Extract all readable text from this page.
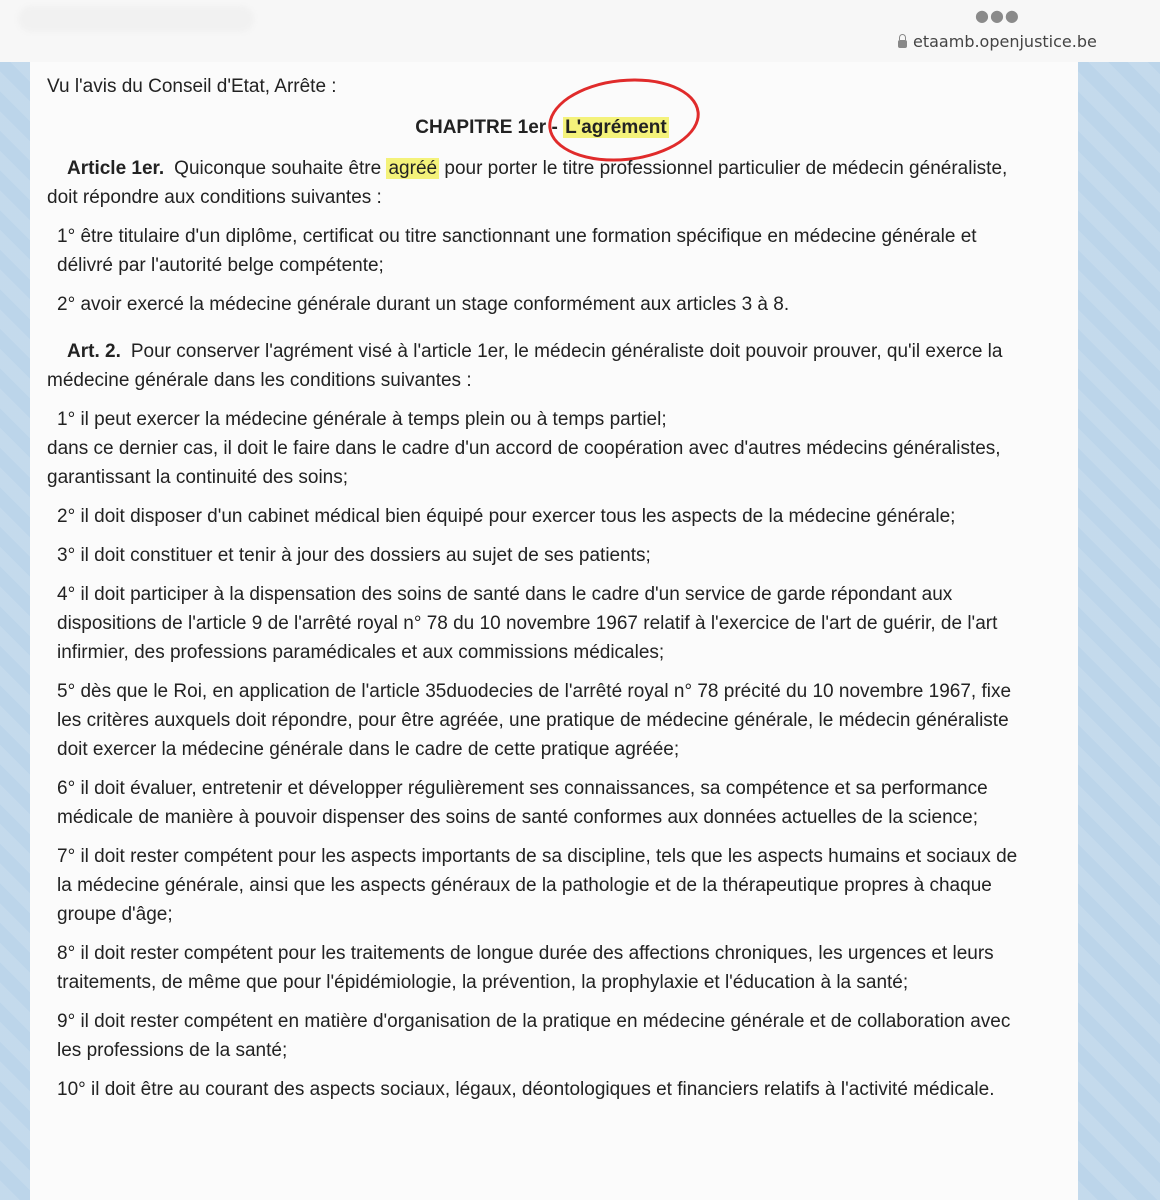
●●●
etaamb.openjustice.be

Vu l'avis du Conseil d'Etat, Arrête :

CHAPITRE 1er - L'agrément

Article 1er. Quiconque souhaite être agréé pour porter le titre professionnel particulier de médecin généraliste, doit répondre aux conditions suivantes :

1° être titulaire d'un diplôme, certificat ou titre sanctionnant une formation spécifique en médecine générale et délivré par l'autorité belge compétente;

2° avoir exercé la médecine générale durant un stage conformément aux articles 3 à 8.

Art. 2. Pour conserver l'agrément visé à l'article 1er, le médecin généraliste doit pouvoir prouver, qu'il exerce la médecine générale dans les conditions suivantes :

1° il peut exercer la médecine générale à temps plein ou à temps partiel;
dans ce dernier cas, il doit le faire dans le cadre d'un accord de coopération avec d'autres médecins généralistes, garantissant la continuité des soins;

2° il doit disposer d'un cabinet médical bien équipé pour exercer tous les aspects de la médecine générale;

3° il doit constituer et tenir à jour des dossiers au sujet de ses patients;

4° il doit participer à la dispensation des soins de santé dans le cadre d'un service de garde répondant aux dispositions de l'article 9 de l'arrêté royal n° 78 du 10 novembre 1967 relatif à l'exercice de l'art de guérir, de l'art infirmier, des professions paramédicales et aux commissions médicales;

5° dès que le Roi, en application de l'article 35duodecies de l'arrêté royal n° 78 précité du 10 novembre 1967, fixe les critères auxquels doit répondre, pour être agréée, une pratique de médecine générale, le médecin généraliste doit exercer la médecine générale dans le cadre de cette pratique agréée;

6° il doit évaluer, entretenir et développer régulièrement ses connaissances, sa compétence et sa performance médicale de manière à pouvoir dispenser des soins de santé conformes aux données actuelles de la science;

7° il doit rester compétent pour les aspects importants de sa discipline, tels que les aspects humains et sociaux de la médecine générale, ainsi que les aspects généraux de la pathologie et de la thérapeutique propres à chaque groupe d'âge;

8° il doit rester compétent pour les traitements de longue durée des affections chroniques, les urgences et leurs traitements, de même que pour l'épidémiologie, la prévention, la prophylaxie et l'éducation à la santé;

9° il doit rester compétent en matière d'organisation de la pratique en médecine générale et de collaboration avec les professions de la santé;

10° il doit être au courant des aspects sociaux, légaux, déontologiques et financiers relatifs à l'activité médicale.
